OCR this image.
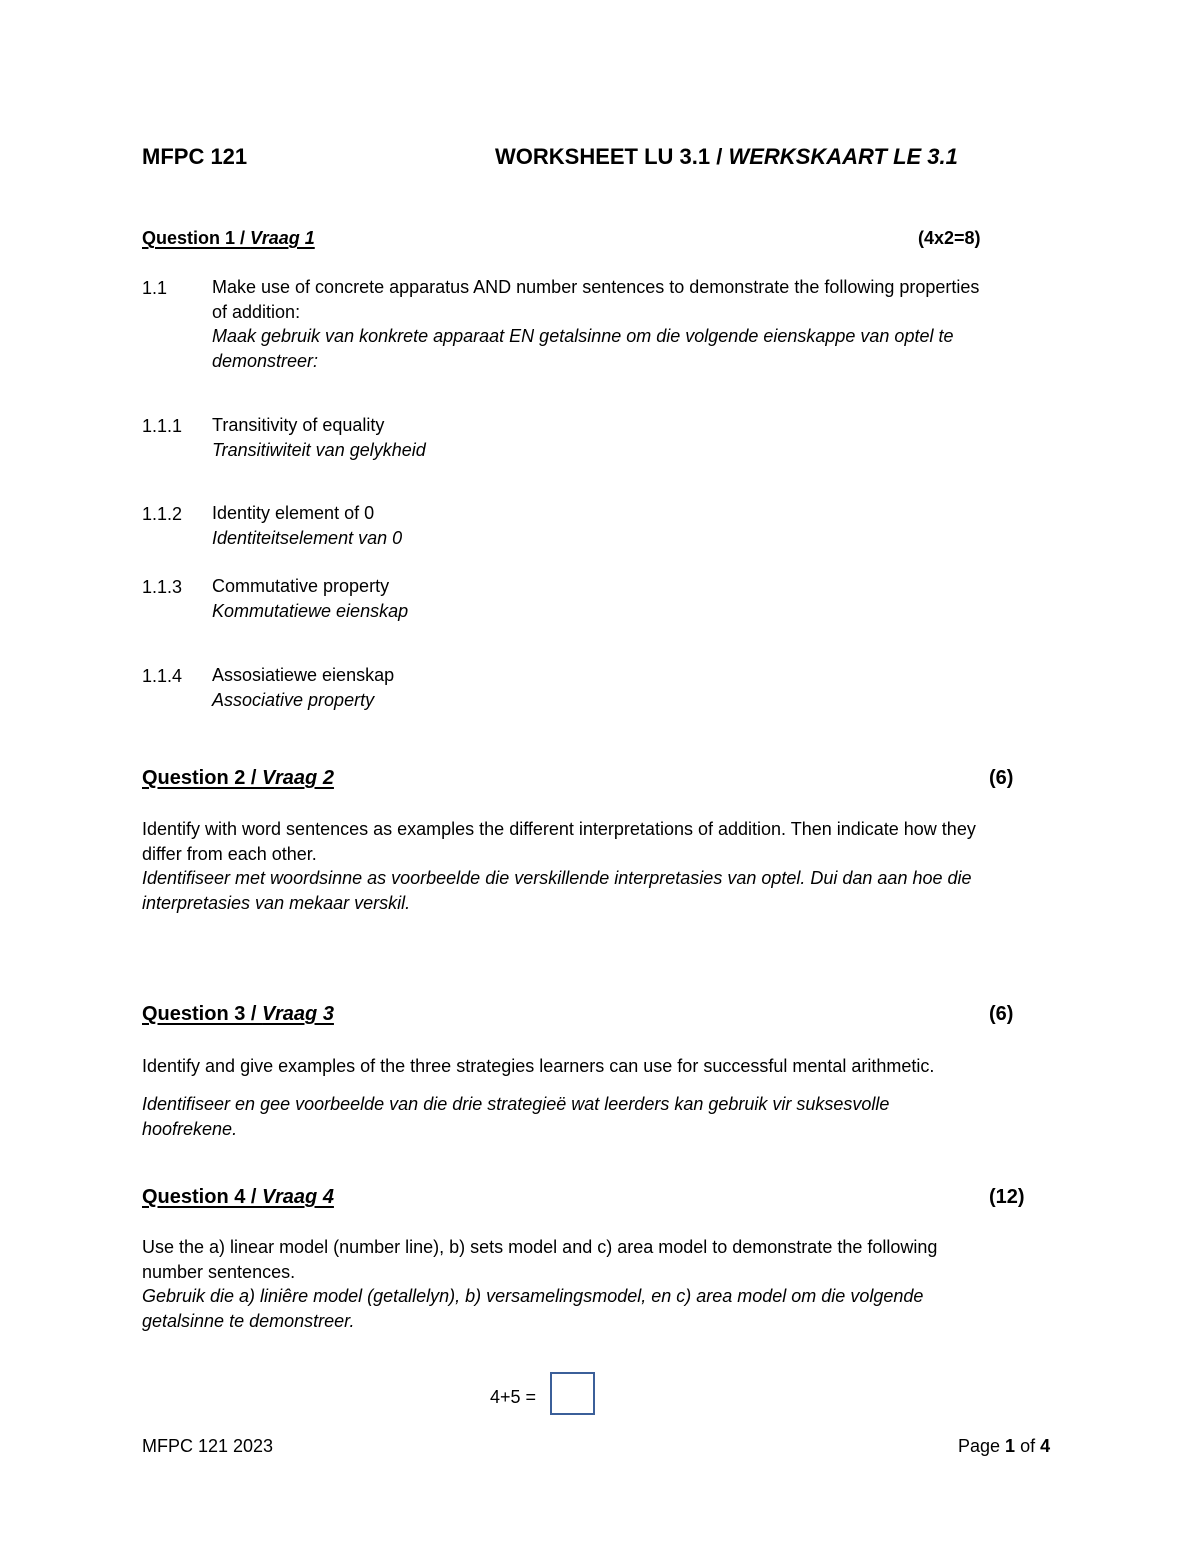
MFPC 121	WORKSHEET LU 3.1 / WERKSKAART LE 3.1
Question 1 / Vraag 1	(4x2=8)
1.1 Make use of concrete apparatus AND number sentences to demonstrate the following properties
of addition:
Maak gebruik van konkrete apparaat EN getalsinne om die volgende eienskappe van optel te
demonstreer:
1.1.1 Transitivity of equality
Transitiwiteit van gelykheid
1.1.2 Identity element of 0
Identiteitselement van 0
1.1.3 Commutative property
Kommutatiewe eienskap
1.1.4 Assosiatiewe eienskap
Associative property
Question 2 / Vraag 2	(6)
Identify with word sentences as examples the different interpretations of addition. Then indicate how they
differ from each other.
Identifiseer met woordsinne as voorbeelde die verskillende interpretasies van optel. Dui dan aan hoe die
interpretasies van mekaar verskil.
Question 3 / Vraag 3	(6)
Identify and give examples of the three strategies learners can use for successful mental arithmetic.
Identifiseer en gee voorbeelde van die drie strategieë wat leerders kan gebruik vir suksesvolle
hoofrekene.
Question 4 / Vraag 4	(12)
Use the a) linear model (number line), b) sets model and c) area model to demonstrate the following
number sentences.
Gebruik die a) liniêre model (getallelyn), b) versamelingsmodel, en c) area model om die volgende
getalsinne te demonstreer.
4+5 =
MFPC 121 2023	Page 1 of 4
